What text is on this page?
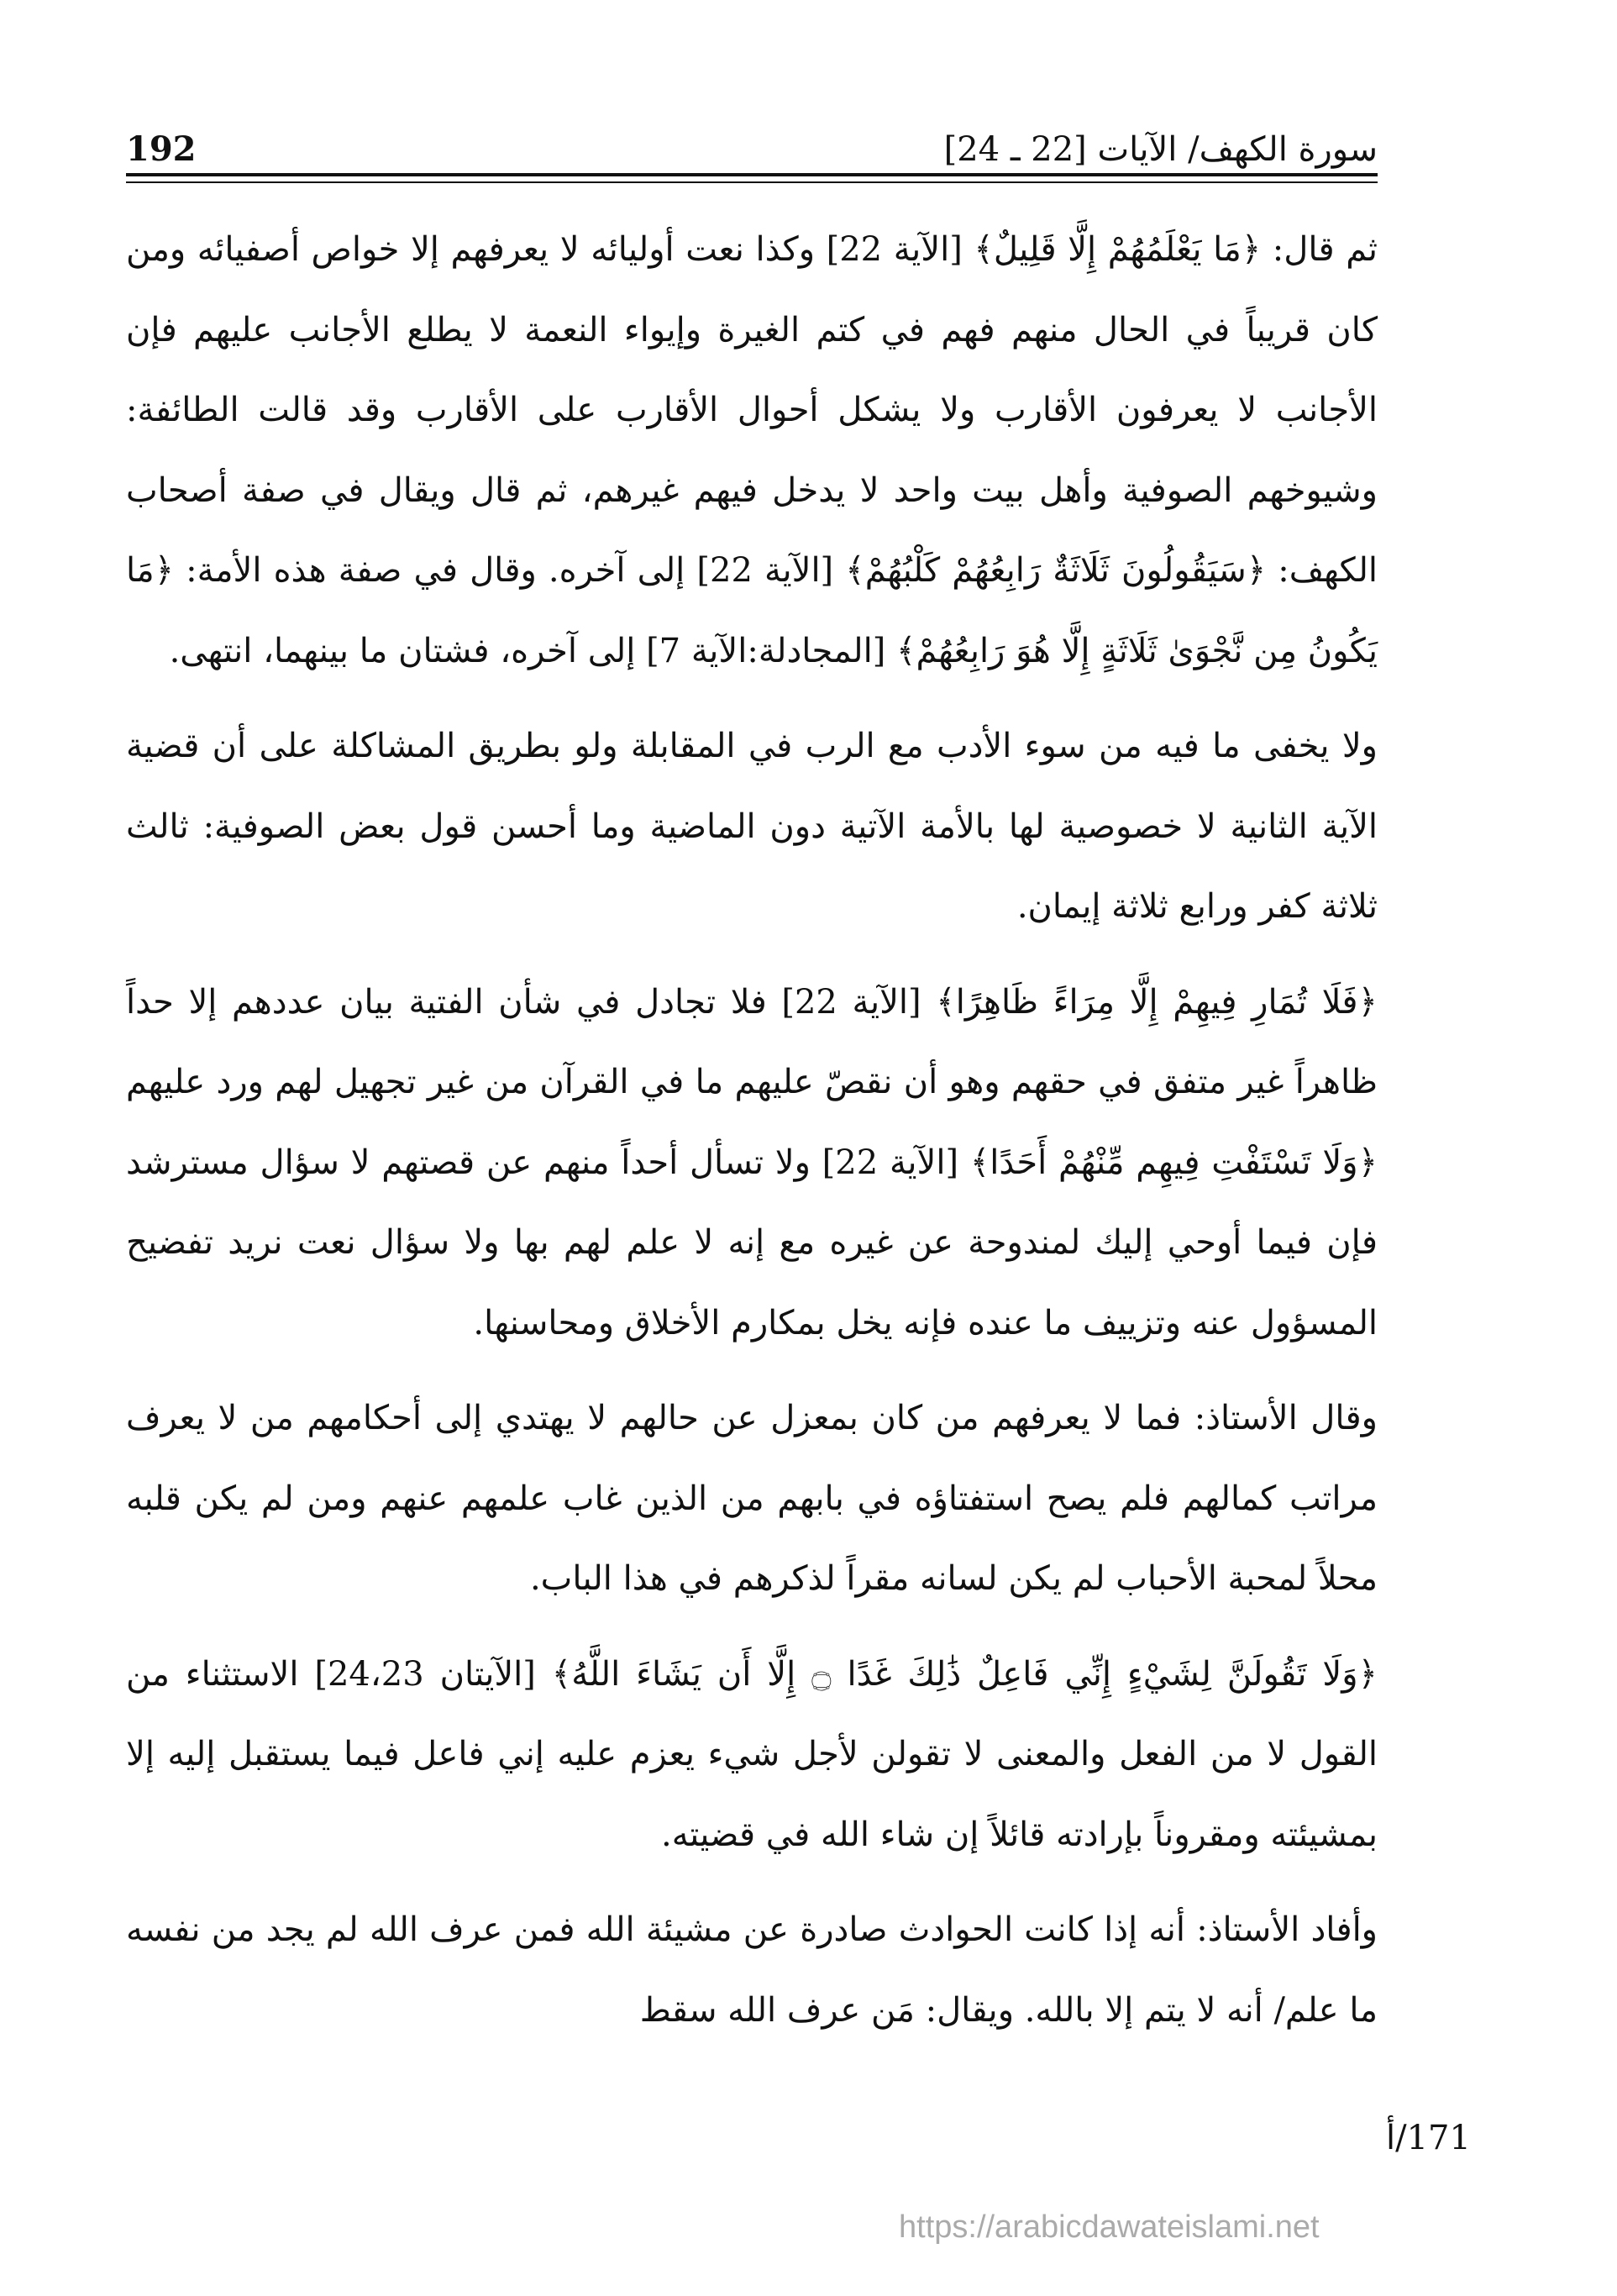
سورة الكهف/ الآيات [22 ـ 24]
192

ثم قال: ﴿مَا يَعْلَمُهُمْ إِلَّا قَلِيلٌ﴾ [الآية 22] وكذا نعت أوليائه لا يعرفهم إلا خواص أصفيائه ومن كان قريباً في الحال منهم فهم في كتم الغيرة وإيواء النعمة لا يطلع الأجانب عليهم فإن الأجانب لا يعرفون الأقارب ولا يشكل أحوال الأقارب على الأقارب وقد قالت الطائفة: وشيوخهم الصوفية وأهل بيت واحد لا يدخل فيهم غيرهم، ثم قال ويقال في صفة أصحاب الكهف: ﴿سَيَقُولُونَ ثَلَاثَةٌ رَابِعُهُمْ كَلْبُهُمْ﴾ [الآية 22] إلى آخره. وقال في صفة هذه الأمة: ﴿مَا يَكُونُ مِن نَّجْوَىٰ ثَلَاثَةٍ إِلَّا هُوَ رَابِعُهُمْ﴾ [المجادلة:الآية 7] إلى آخره، فشتان ما بينهما، انتهى.

ولا يخفى ما فيه من سوء الأدب مع الرب في المقابلة ولو بطريق المشاكلة على أن قضية الآية الثانية لا خصوصية لها بالأمة الآتية دون الماضية وما أحسن قول بعض الصوفية: ثالث ثلاثة كفر ورابع ثلاثة إيمان.

﴿فَلَا تُمَارِ فِيهِمْ إِلَّا مِرَاءً ظَاهِرًا﴾ [الآية 22] فلا تجادل في شأن الفتية بيان عددهم إلا حداً ظاهراً غير متفق في حقهم وهو أن نقصّ عليهم ما في القرآن من غير تجهيل لهم ورد عليهم ﴿وَلَا تَسْتَفْتِ فِيهِم مِّنْهُمْ أَحَدًا﴾ [الآية 22] ولا تسأل أحداً منهم عن قصتهم لا سؤال مسترشد فإن فيما أوحي إليك لمندوحة عن غيره مع إنه لا علم لهم بها ولا سؤال نعت نريد تفضيح المسؤول عنه وتزييف ما عنده فإنه يخل بمكارم الأخلاق ومحاسنها.

وقال الأستاذ: فما لا يعرفهم من كان بمعزل عن حالهم لا يهتدي إلى أحكامهم من لا يعرف مراتب كمالهم فلم يصح استفتاؤه في بابهم من الذين غاب علمهم عنهم ومن لم يكن قلبه محلاً لمحبة الأحباب لم يكن لسانه مقراً لذكرهم في هذا الباب.

﴿وَلَا تَقُولَنَّ لِشَيْءٍ إِنِّي فَاعِلٌ ذَٰلِكَ غَدًا ۝ إِلَّا أَن يَشَاءَ اللَّهُ﴾ [الآيتان 24،23] الاستثناء من القول لا من الفعل والمعنى لا تقولن لأجل شيء يعزم عليه إني فاعل فيما يستقبل إليه إلا بمشيئته ومقروناً بإرادته قائلاً إن شاء الله في قضيته.

وأفاد الأستاذ: أنه إذا كانت الحوادث صادرة عن مشيئة الله فمن عرف الله لم يجد من نفسه ما علم/ أنه لا يتم إلا بالله. ويقال: مَن عرف الله سقط

171/أ
https://arabicdawateislami.net
